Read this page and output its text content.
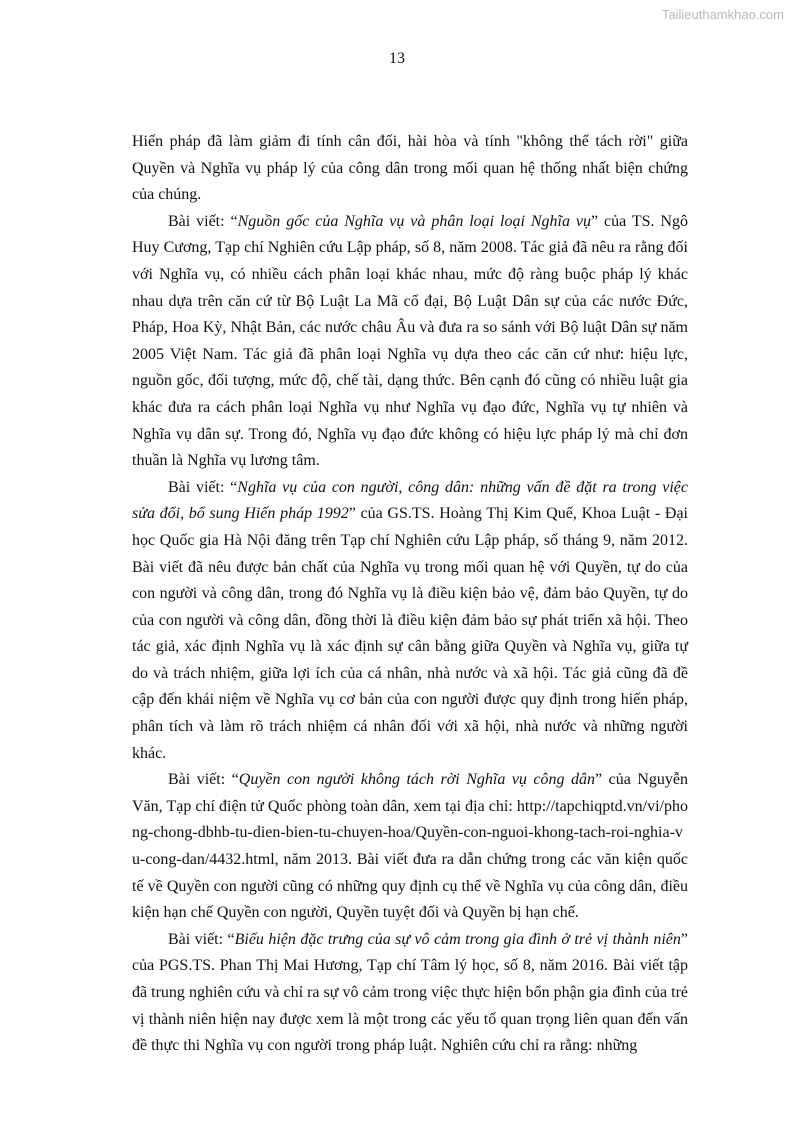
Tailieuthamkhao.com
13

Hiến pháp đã làm giảm đi tính cân đối, hài hòa và tính "không thể tách rời" giữa Quyền và Nghĩa vụ pháp lý của công dân trong mối quan hệ thống nhất biện chứng của chúng.

Bài viết: “Nguồn gốc của Nghĩa vụ và phân loại loại Nghĩa vụ” của TS. Ngô Huy Cương, Tạp chí Nghiên cứu Lập pháp, số 8, năm 2008. Tác giả đã nêu ra rằng đối với Nghĩa vụ, có nhiều cách phân loại khác nhau, mức độ ràng buộc pháp lý khác nhau dựa trên căn cứ từ Bộ Luật La Mã cổ đại, Bộ Luật Dân sự của các nước Đức, Pháp, Hoa Kỳ, Nhật Bản, các nước châu Âu và đưa ra so sánh với Bộ luật Dân sự năm 2005 Việt Nam. Tác giả đã phân loại Nghĩa vụ dựa theo các căn cứ như: hiệu lực, nguồn gốc, đối tượng, mức độ, chế tài, dạng thức. Bên cạnh đó cũng có nhiều luật gia khác đưa ra cách phân loại Nghĩa vụ như Nghĩa vụ đạo đức, Nghĩa vụ tự nhiên và Nghĩa vụ dân sự. Trong đó, Nghĩa vụ đạo đức không có hiệu lực pháp lý mà chỉ đơn thuần là Nghĩa vụ lương tâm.

Bài viết: “Nghĩa vụ của con người, công dân: những vấn đề đặt ra trong việc sửa đổi, bổ sung Hiến pháp 1992” của GS.TS. Hoàng Thị Kim Quế, Khoa Luật - Đại học Quốc gia Hà Nội đăng trên Tạp chí Nghiên cứu Lập pháp, số tháng 9, năm 2012. Bài viết đã nêu được bản chất của Nghĩa vụ trong mối quan hệ với Quyền, tự do của con người và công dân, trong đó Nghĩa vụ là điều kiện bảo vệ, đảm bảo Quyền, tự do của con người và công dân, đồng thời là điều kiện đảm bảo sự phát triển xã hội. Theo tác giả, xác định Nghĩa vụ là xác định sự cân bằng giữa Quyền và Nghĩa vụ, giữa tự do và trách nhiệm, giữa lợi ích của cá nhân, nhà nước và xã hội. Tác giả cũng đã đề cập đến khái niệm về Nghĩa vụ cơ bản của con người được quy định trong hiến pháp, phân tích và làm rõ trách nhiệm cá nhân đối với xã hội, nhà nước và những người khác.

Bài viết: “Quyền con người không tách rời Nghĩa vụ công dân” của Nguyễn Văn, Tạp chí điện tử Quốc phòng toàn dân, xem tại địa chỉ: http://tapchiqptd.vn/vi/phong-chong-dbhb-tu-dien-bien-tu-chuyen-hoa/Quyền-con-nguoi-khong-tach-roi-nghia-vu-cong-dan/4432.html, năm 2013. Bài viết đưa ra dẫn chứng trong các văn kiện quốc tế về Quyền con người cũng có những quy định cụ thể về Nghĩa vụ của công dân, điều kiện hạn chế Quyền con người, Quyền tuyệt đối và Quyền bị hạn chế.

Bài viết: “Biểu hiện đặc trưng của sự vô cảm trong gia đình ở trẻ vị thành niên” của PGS.TS. Phan Thị Mai Hương, Tạp chí Tâm lý học, số 8, năm 2016. Bài viết tập đã trung nghiên cứu và chỉ ra sự vô cảm trong việc thực hiện bổn phận gia đình của trẻ vị thành niên hiện nay được xem là một trong các yếu tố quan trọng liên quan đến vấn đề thực thi Nghĩa vụ con người trong pháp luật. Nghiên cứu chỉ ra rằng: những
